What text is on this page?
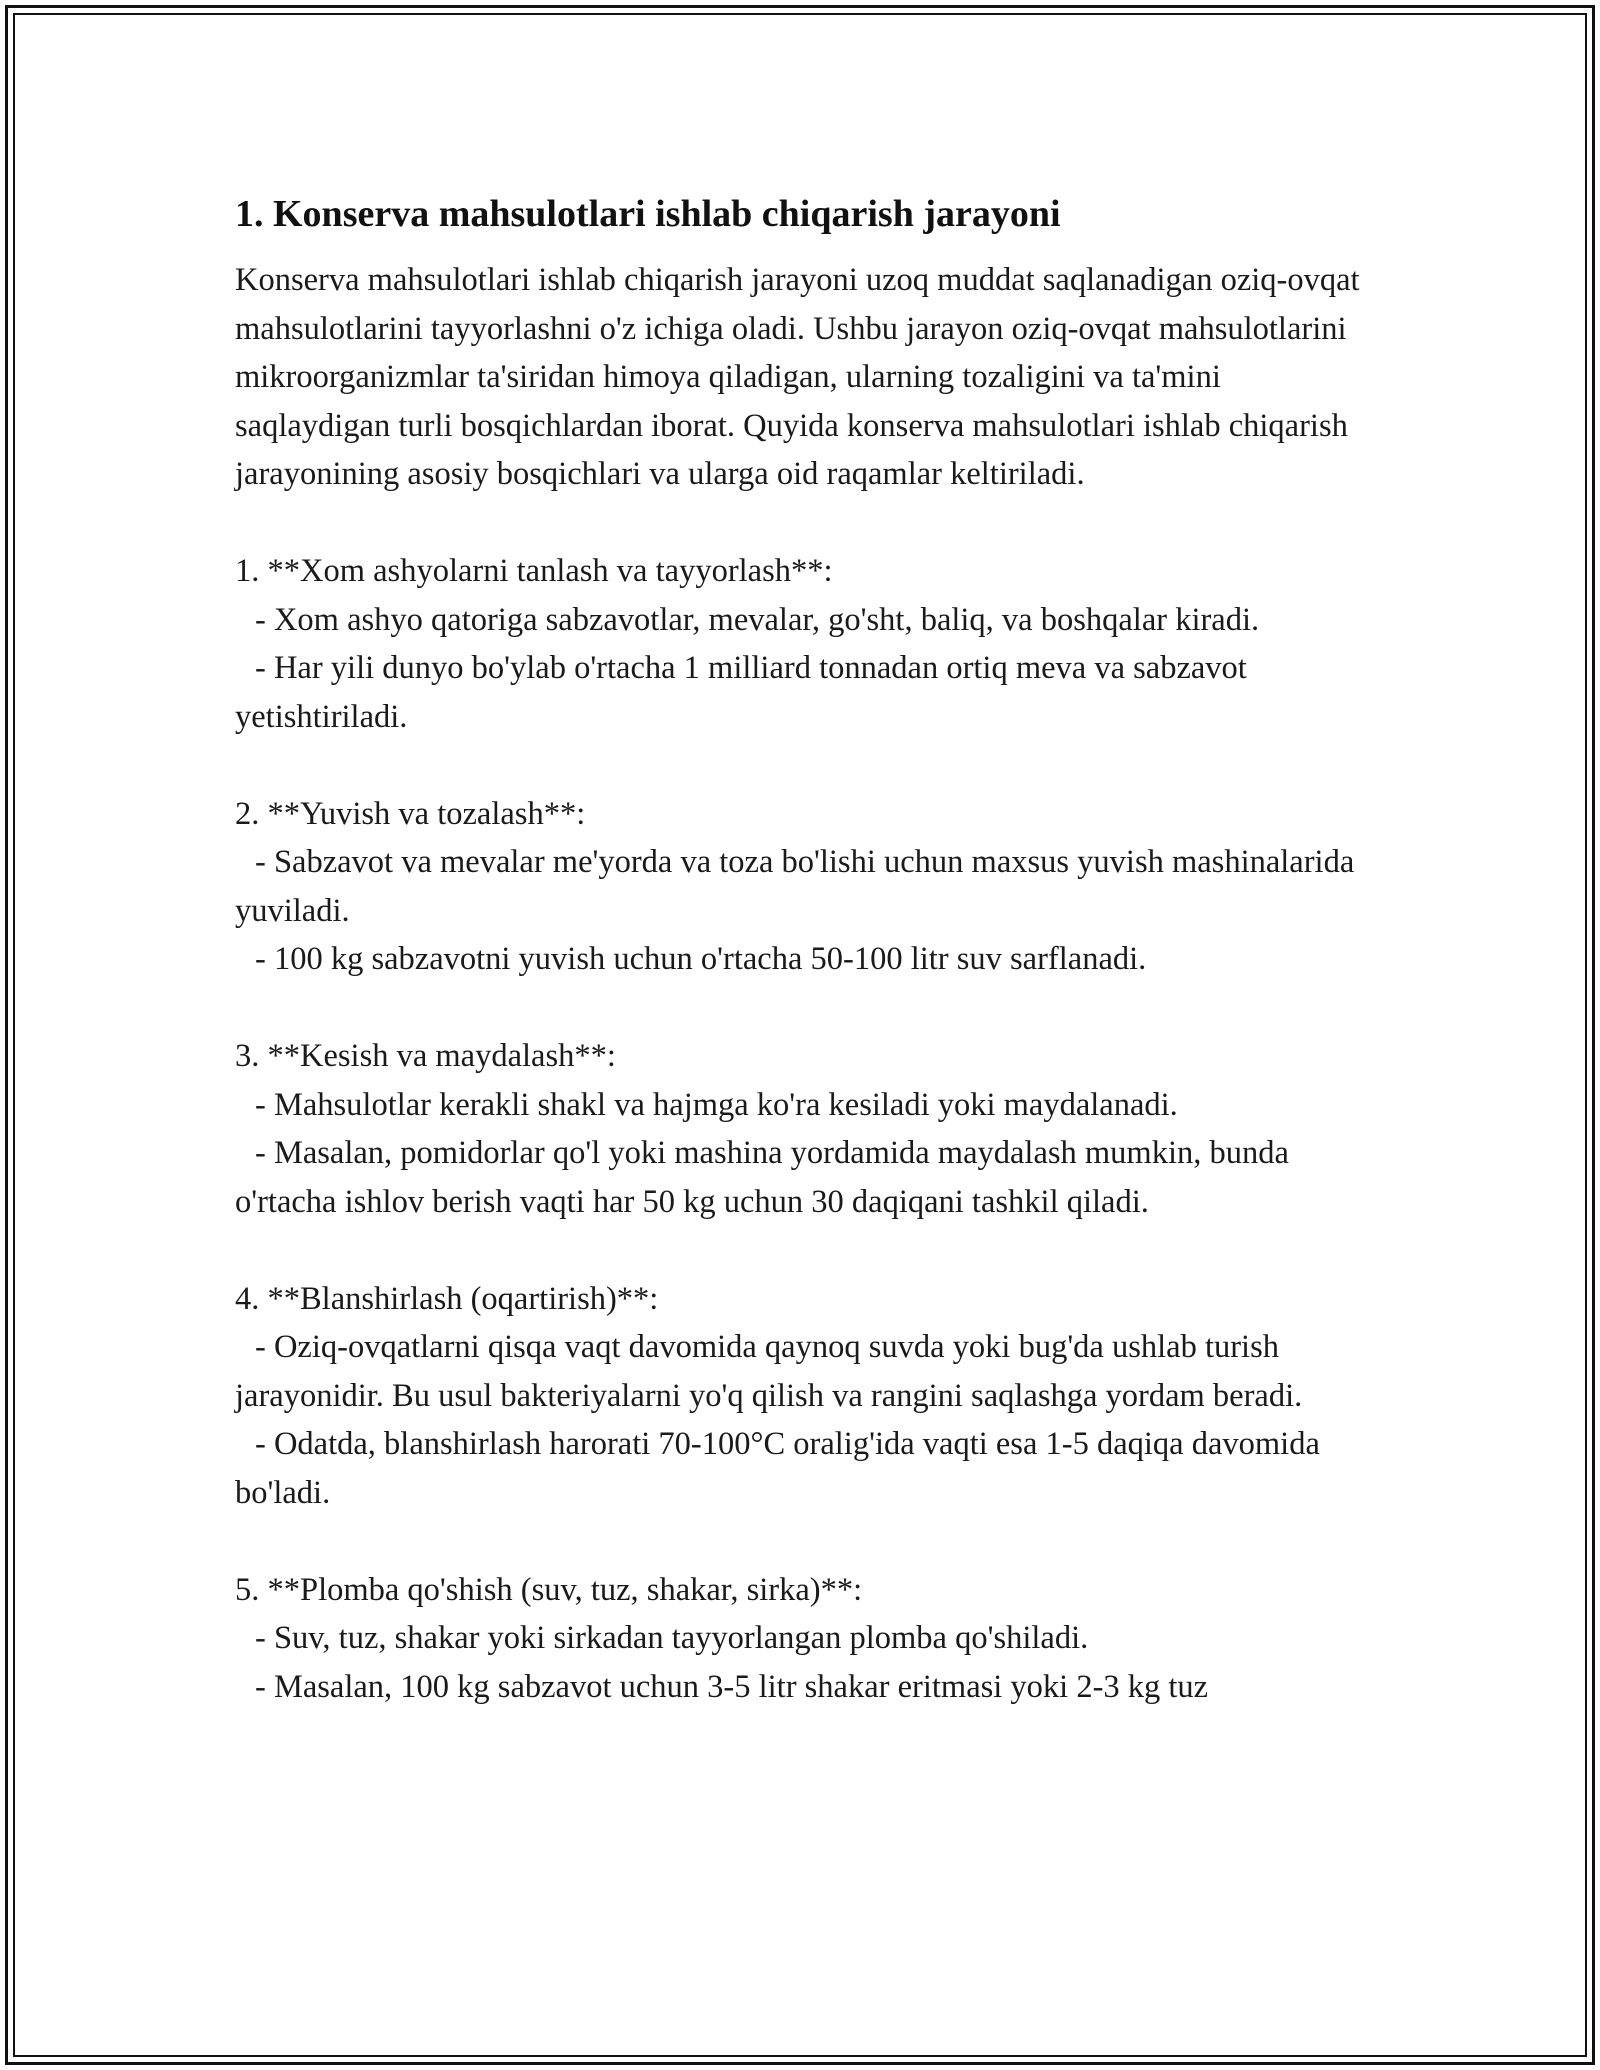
1. Konserva mahsulotlari ishlab chiqarish jarayoni

Konserva mahsulotlari ishlab chiqarish jarayoni uzoq muddat saqlanadigan oziq-ovqat mahsulotlarini tayyorlashni o'z ichiga oladi. Ushbu jarayon oziq-ovqat mahsulotlarini mikroorganizmlar ta'siridan himoya qiladigan, ularning tozaligini va ta'mini saqlaydigan turli bosqichlardan iborat. Quyida konserva mahsulotlari ishlab chiqarish jarayonining asosiy bosqichlari va ularga oid raqamlar keltiriladi.

1. **Xom ashyolarni tanlash va tayyorlash**:

- Xom ashyo qatoriga sabzavotlar, mevalar, go'sht, baliq, va boshqalar kiradi.

- Har yili dunyo bo'ylab o'rtacha 1 milliard tonnadan ortiq meva va sabzavot yetishtiriladi.

2. **Yuvish va tozalash**:

- Sabzavot va mevalar me'yorda va toza bo'lishi uchun maxsus yuvish mashinalarida yuviladi.

- 100 kg sabzavotni yuvish uchun o'rtacha 50-100 litr suv sarflanadi.

3. **Kesish va maydalash**:

- Mahsulotlar kerakli shakl va hajmga ko'ra kesiladi yoki maydalanadi.

- Masalan, pomidorlar qo'l yoki mashina yordamida maydalash mumkin, bunda o'rtacha ishlov berish vaqti har 50 kg uchun 30 daqiqani tashkil qiladi.

4. **Blanshirlash (oqartirish)**:

- Oziq-ovqatlarni qisqa vaqt davomida qaynoq suvda yoki bug'da ushlab turish jarayonidir. Bu usul bakteriyalarni yo'q qilish va rangini saqlashga yordam beradi.

- Odatda, blanshirlash harorati 70-100°C oralig'ida vaqti esa 1-5 daqiqa davomida bo'ladi.

5. **Plomba qo'shish (suv, tuz, shakar, sirka)**:

- Suv, tuz, shakar yoki sirkadan tayyorlangan plomba qo'shiladi.

- Masalan, 100 kg sabzavot uchun 3-5 litr shakar eritmasi yoki 2-3 kg tuz
